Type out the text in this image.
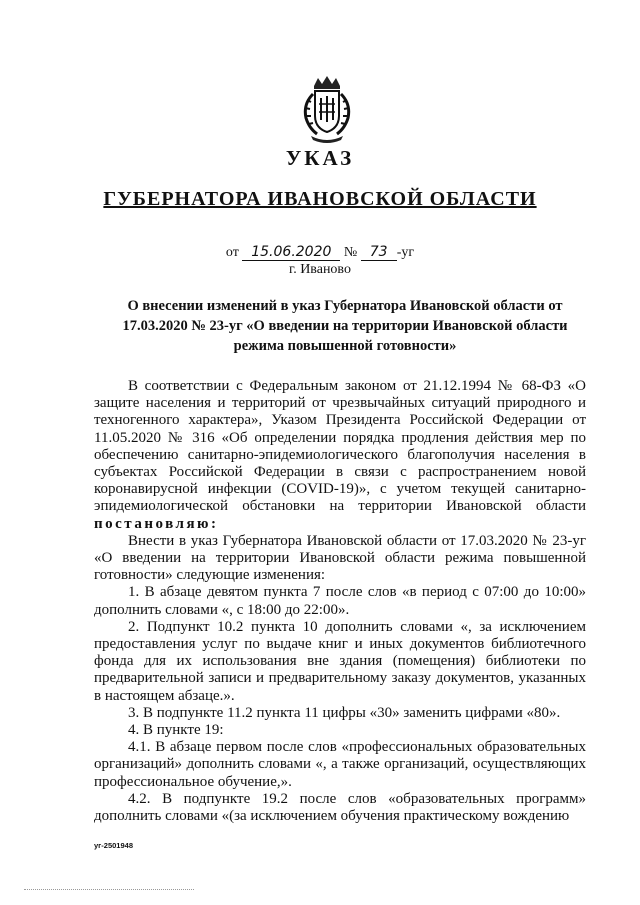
УКАЗ
ГУБЕРНАТОРА ИВАНОВСКОЙ ОБЛАСТИ
от 15.06.2020 № 73 -уг
г. Иваново
О внесении изменений в указ Губернатора Ивановской области от 17.03.2020 № 23-уг «О введении на территории Ивановской области режима повышенной готовности»

В соответствии с Федеральным законом от 21.12.1994 № 68-ФЗ «О защите населения и территорий от чрезвычайных ситуаций природного и техногенного характера», Указом Президента Российской Федерации от 11.05.2020 № 316 «Об определении порядка продления действия мер по обеспечению санитарно-эпидемиологического благополучия населения в субъектах Российской Федерации в связи с распространением новой коронавирусной инфекции (COVID-19)», с учетом текущей санитарно-эпидемиологической обстановки на территории Ивановской области постановляю:

Внести в указ Губернатора Ивановской области от 17.03.2020 № 23-уг «О введении на территории Ивановской области режима повышенной готовности» следующие изменения:

1. В абзаце девятом пункта 7 после слов «в период с 07:00 до 10:00» дополнить словами «, с 18:00 до 22:00».

2. Подпункт 10.2 пункта 10 дополнить словами «, за исключением предоставления услуг по выдаче книг и иных документов библиотечного фонда для их использования вне здания (помещения) библиотеки по предварительной записи и предварительному заказу документов, указанных в настоящем абзаце.».

3. В подпункте 11.2 пункта 11 цифры «30» заменить цифрами «80».

4. В пункте 19:

4.1. В абзаце первом после слов «профессиональных образовательных организаций» дополнить словами «, а также организаций, осуществляющих профессиональное обучение,».

4.2. В подпункте 19.2 после слов «образовательных программ» дополнить словами «(за исключением обучения практическому вождению

уг-2501948
